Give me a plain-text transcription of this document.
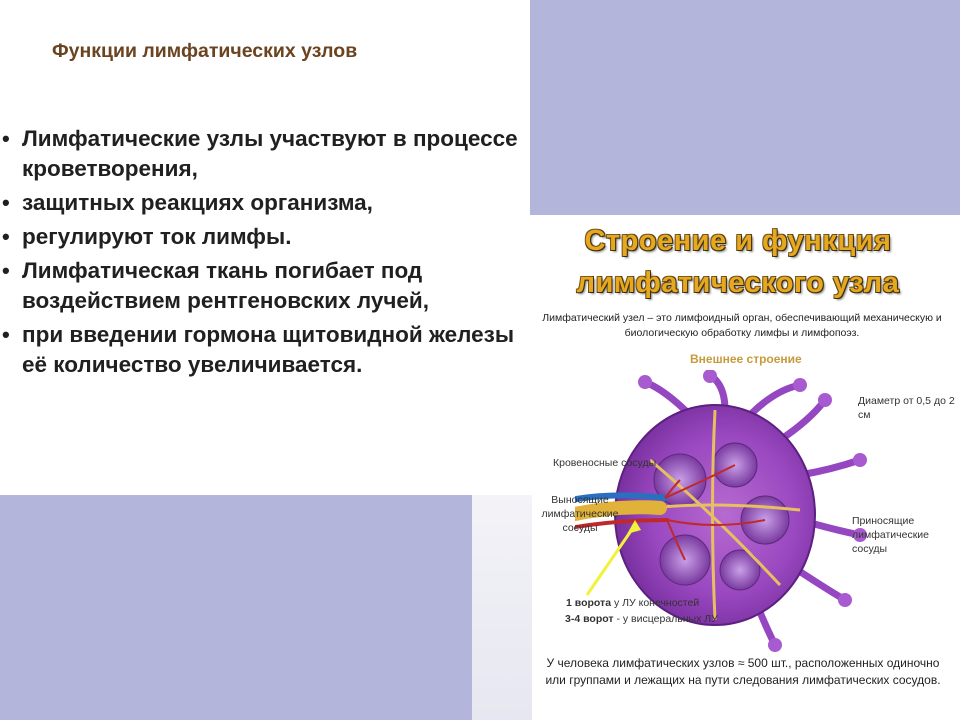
Функции лимфатических узлов
• Лимфатические узлы участвуют в процессе кроветворения,
• защитных реакциях организма,
• регулируют ток лимфы.
• Лимфатическая ткань погибает под воздействием рентгеновских лучей,
• при введении гормона щитовидной железы её количество увеличивается.
Строение и функция
лимфатического узла

Лимфатический узел – это лимфоидный орган, обеспечивающий механическую и биологическую обработку лимфы и лимфопоэз.

Внешнее строение

Диаметр от 0,5 до 2 см

Кровеносные сосуды

Выносящие лимфатические сосуды

Приносящие лимфатические сосуды

1 ворота у ЛУ конечностей

3-4 ворот - у висцеральных ЛУ

У человека лимфатических узлов ≈ 500 шт., расположенных одиночно или группами и лежащих на пути следования лимфатических сосудов.
